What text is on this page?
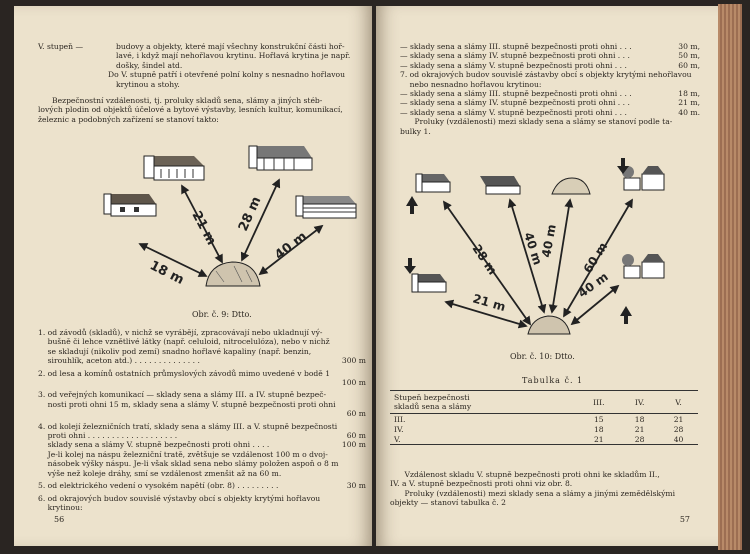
V. stupeň —	budovy a objekty, které mají všechny konstrukční části hoř-
lavé, i když mají nehořlavou krytinu. Hořlavá krytina je např.
došky, šindel atd.
Do V. stupně patří i otevřené polní kolny s nesnadno hořlavou
krytinou a stohy.
Bezpečnostní vzdálenosti, tj. proluky skladů sena, slámy a jiných stéb-
lových plodin od objektů účelové a bytové výstavby, lesních kultur, komunikací,
železnic a podobných zařízení se stanoví takto:
18 m
21 m 28 m
40 m
Obr. č. 9: Dtto.
1. od závodů (skladů), v nichž se vyrábějí, zpracovávají nebo ukladnují vý-
bušně či lehce vznětlivé látky (např. celuloid, nitrocelulóza), nebo v nichž
se skladují (nikoliv pod zemí) snadno hořlavé kapaliny (např. benzin,
sirouhlík, aceton atd.) . . . . . . . . . . . . . .	300 m
2. od lesa a komínů ostatních průmyslových závodů mimo uvedené v bodě 1
100 m
3. od veřejných komunikací — sklady sena a slámy III. a IV. stupně bezpeč-
nosti proti ohni 15 m, sklady sena a slámy V. stupně bezpečnosti proti ohni
60 m
4. od kolejí železničních tratí, sklady sena a slámy III. a V. stupně bezpečnosti
proti ohni . . . . . . . . . . . . . . . . . . .	60 m
sklady sena a slámy V. stupně bezpečnosti proti ohni . . . .	100 m
Je-li kolej na náspu železniční tratě, zvětšuje se vzdálenost 100 m o dvoj-
násobek výšky náspu. Je-li však sklad sena nebo slámy položen aspoň o 8 m
výše než koleje dráhy, smí se vzdálenost zmenšit až na 60 m.
5. od elektrického vedení o vysokém napětí (obr. 8) . . . . . . . . .	30 m
6. od okrajových budov souvislé výstavby obcí s objekty krytými hořlavou
krytinou:
56
— sklady sena a slámy III. stupně bezpečnosti proti ohni . . .	30 m,
— sklady sena a slámy IV. stupně bezpečnosti proti ohni . . .	50 m,
— sklady sena a slámy V. stupně bezpečnosti proti ohni . . .	60 m,
7. od okrajových budov souvislé zástavby obcí s objekty krytými nehořlavou
nebo nesnadno hořlavou krytinou:
— sklady sena a slámy III. stupně bezpečnosti proti ohni . . .	18 m,
— sklady sena a slámy IV. stupně bezpečnosti proti ohni . . .	21 m,
— sklady sena a slámy V. stupně bezpečnosti proti ohni . . .	40 m.
Proluky (vzdálenosti) mezi sklady sena a slámy se stanoví podle ta-
bulky 1.
28 m 40 m
40 m 60 m
21 m
40 m
Obr. č. 10: Dtto.
Tabulka č. 1
Stupeň bezpečnosti
skladů sena a slámy	III.	IV.	V.
III.	15	18	21
IV.	18	21	28
V.	21	28	40
Vzdálenost skladu V. stupně bezpečnosti proti ohni ke skladům II.,
IV. a V. stupně bezpečnosti proti ohni viz obr. 8.
Proluky (vzdálenosti) mezi sklady sena a slámy a jinými zemědělskými
objekty — stanoví tabulka č. 2
57
